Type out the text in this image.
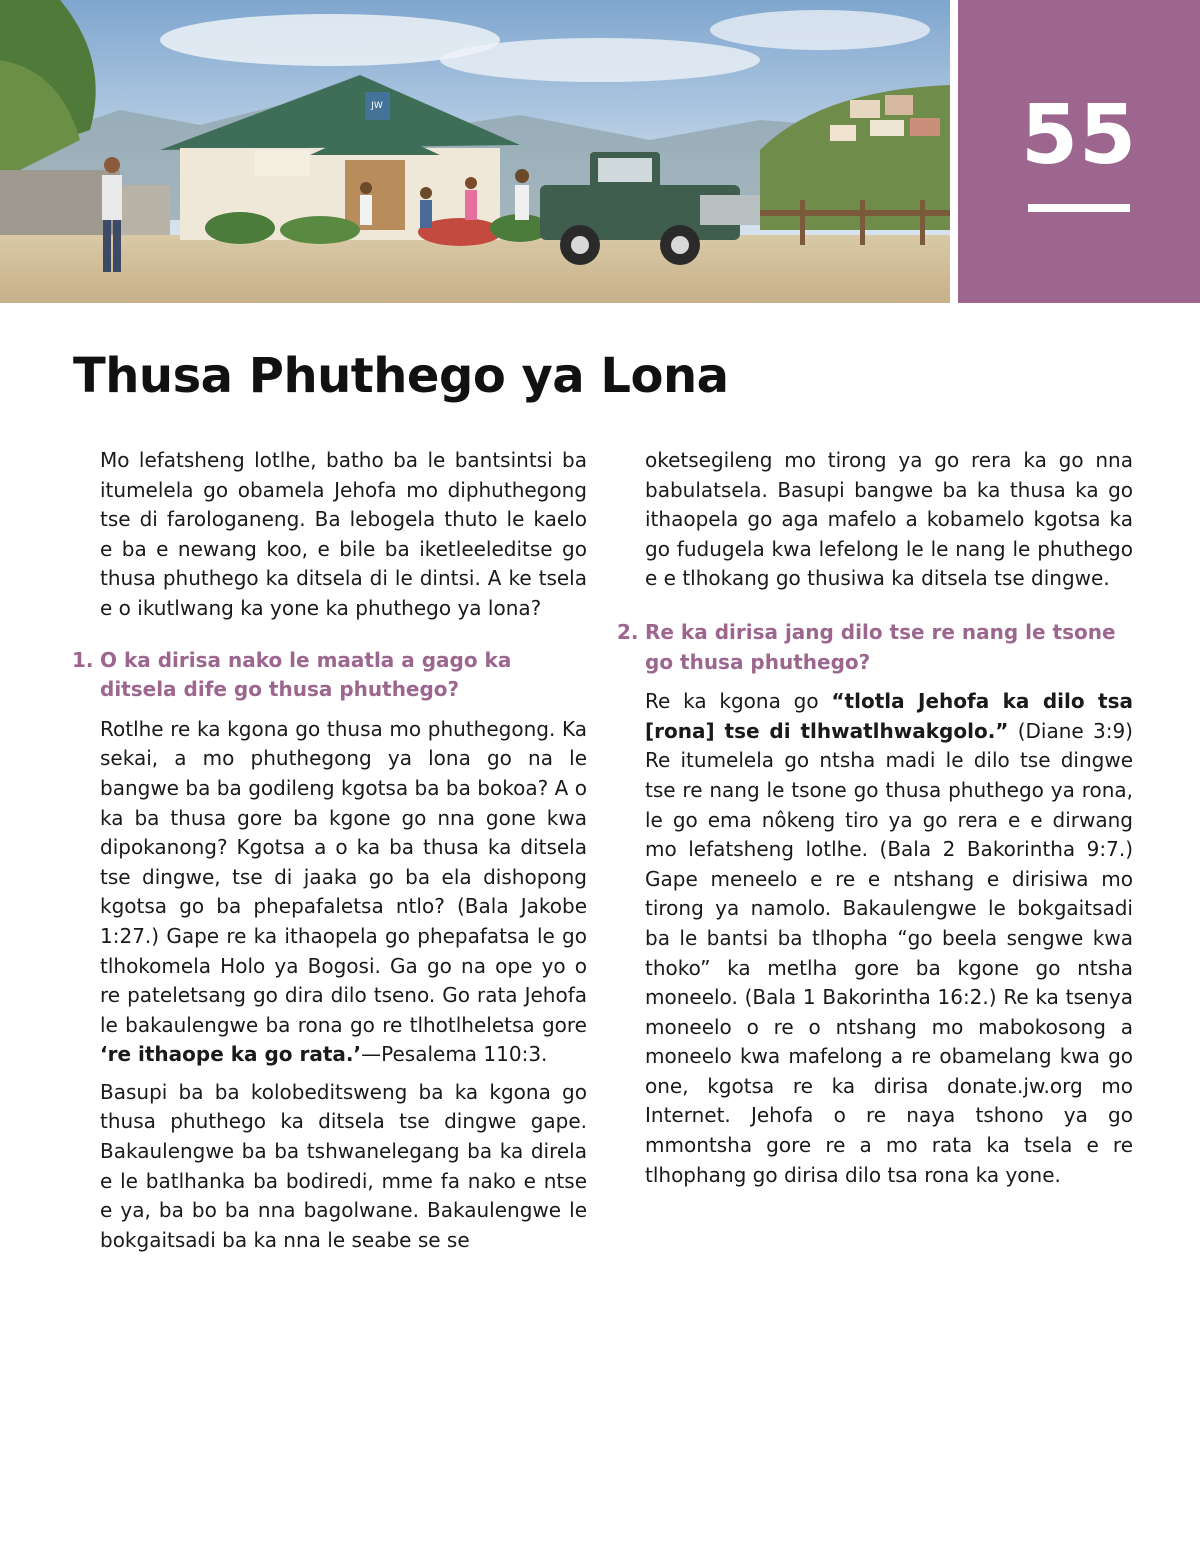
JW	55
Thusa Phuthego ya Lona

Mo lefatsheng lotlhe, batho ba le bantsintsi ba itumelela go obamela Jehofa mo diphuthegong tse di farologaneng. Ba lebogela thuto le kaelo e ba e newang koo, e bile ba iketleeleditse go thusa phuthego ka ditsela di le dintsi. A ke tsela e o ikutlwang ka yone ka phuthego ya lona?

1. O ka dirisa nako le maatla a gago ka ditsela dife go thusa phuthego?

Rotlhe re ka kgona go thusa mo phuthegong. Ka sekai, a mo phuthegong ya lona go na le bangwe ba ba godileng kgotsa ba ba bokoa? A o ka ba thusa gore ba kgone go nna gone kwa dipokanong? Kgotsa a o ka ba thusa ka ditsela tse dingwe, tse di jaaka go ba ela dishopong kgotsa go ba phepafaletsa ntlo? (Bala Jakobe 1:27.) Gape re ka ithaopela go phepafatsa le go tlhokomela Holo ya Bogosi. Ga go na ope yo o re pateletsang go dira dilo tseno. Go rata Jehofa le bakaulengwe ba rona go re tlhotlheletsa gore ‘re ithaope ka go rata.’—Pesalema 110:3.

Basupi ba ba kolobeditsweng ba ka kgona go thusa phuthego ka ditsela tse dingwe gape. Bakaulengwe ba ba tshwanelegang ba ka direla e le batlhanka ba bodiredi, mme fa nako e ntse e ya, ba bo ba nna bagolwane. Bakaulengwe le bokgaitsadi ba ka nna le seabe se se

2. Re ka dirisa jang dilo tse re nang le tsone go thusa phuthego?

Re ka kgona go “tlotla Jehofa ka dilo tsa [rona] tse di tlhwatlhwakgolo.” (Diane 3:9) Re itumelela go ntsha madi le dilo tse dingwe tse re nang le tsone go thusa phuthego ya rona, le go ema nôkeng tiro ya go rera e e dirwang mo lefatsheng lotlhe. (Bala 2 Bakorintha 9:7.) Gape meneelo e re e ntshang e dirisiwa mo tirong ya namolo. Bakaulengwe le bokgaitsadi ba le bantsi ba tlhopha “go beela sengwe kwa thoko” ka metlha gore ba kgone go ntsha moneelo. (Bala 1 Bakorintha 16:2.) Re ka tsenya moneelo o re o ntshang mo mabokosong a moneelo kwa mafelong a re obamelang kwa go one, kgotsa re ka dirisa donate.jw.org mo Internet. Jehofa o re naya tshono ya go mmontsha gore re a mo rata ka tsela e re tlhophang go dirisa dilo tsa rona ka yone.

oketsegileng mo tirong ya go rera ka go nna babulatsela. Basupi bangwe ba ka thusa ka go ithaopela go aga mafelo a kobamelo kgotsa ka go fudugela kwa lefelong le le nang le phuthego e e tlhokang go thusiwa ka ditsela tse dingwe.
